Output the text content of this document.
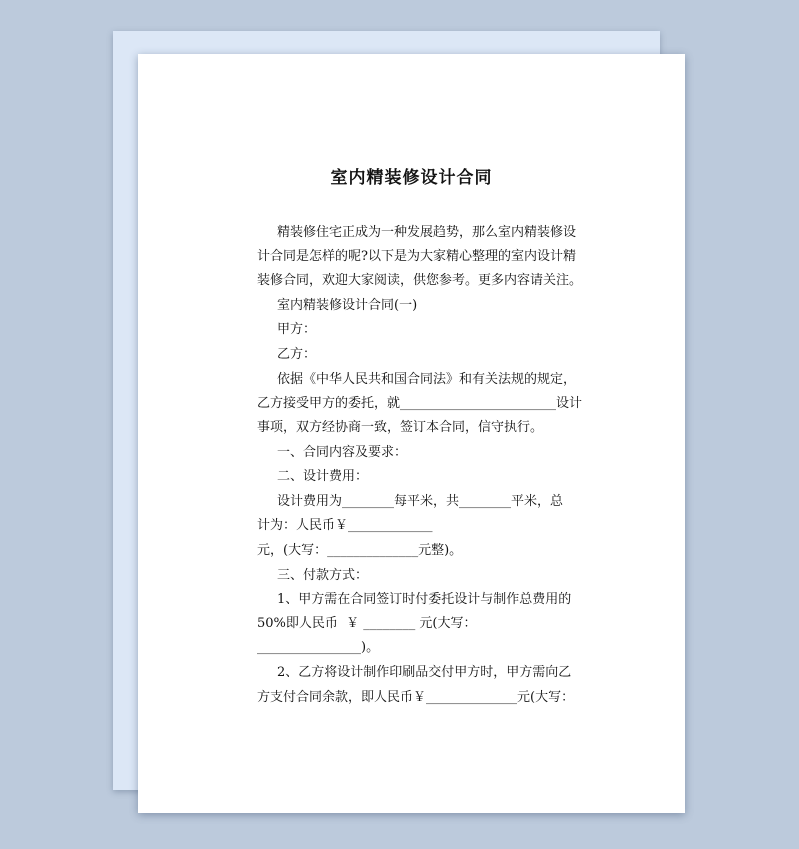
室内精装修设计合同

精装修住宅正成为一种发展趋势，那么室内精装修设

计合同是怎样的呢?以下是为大家精心整理的室内设计精

装修合同，欢迎大家阅读，供您参考。更多内容请关注。

室内精装修设计合同(一)

甲方：

乙方：

依据《中华人民共和国合同法》和有关法规的规定，

乙方接受甲方的委托，就________________________设计

事项，双方经协商一致，签订本合同，信守执行。

一、合同内容及要求：

二、设计费用：

设计费用为________每平米，共________平米，总

计为：人民币￥_____________

元，(大写：______________元整)。

三、付款方式：

1、甲方需在合同签订时付委托设计与制作总费用的

50%即人民币  ￥ ________ 元(大写：

________________)。

2、乙方将设计制作印刷品交付甲方时，甲方需向乙

方支付合同余款，即人民币￥______________元(大写：
